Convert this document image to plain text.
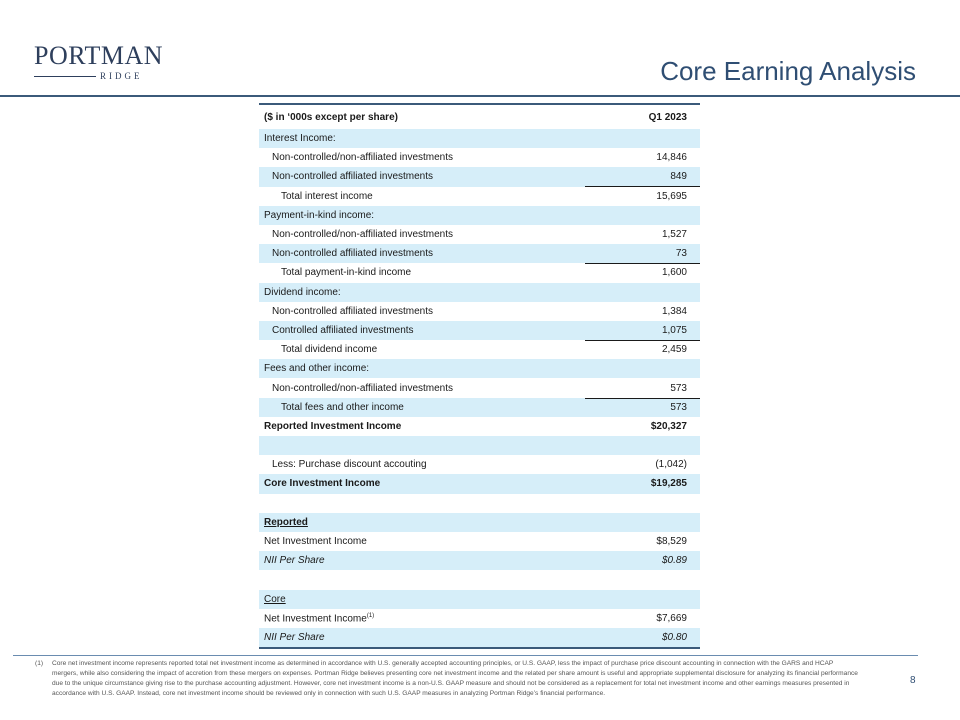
PORTMAN
RIDGE	Core Earning Analysis
($ in ‘000s except per share)	Q1 2023
Interest Income:
Non-controlled/non-affiliated investments	14,846
Non-controlled affiliated investments	849
Total interest income	15,695
Payment-in-kind income:
Non-controlled/non-affiliated investments	1,527
Non-controlled affiliated investments	73
Total payment-in-kind income	1,600
Dividend income:
Non-controlled affiliated investments	1,384
Controlled affiliated investments	1,075
Total dividend income	2,459
Fees and other income:
Non-controlled/non-affiliated investments	573
Total fees and other income	573
Reported Investment Income	$20,327
Less: Purchase discount accouting	(1,042)
Core Investment Income	$19,285
Reported
Net Investment Income	$8,529
NII Per Share	$0.89
Core
Net Investment Income$^{(1)}$	$7,669
NII Per Share	$0.80
(1) Core net investment income represents reported total net investment income as determined in accordance with U.S. generally accepted accounting principles, or U.S. GAAP, less the impact of purchase price discount accounting in connection with the GARS and HCAP mergers, while also considering the impact of accretion from these mergers on expenses. Portman Ridge believes presenting core net investment income and the related per share amount is useful and appropriate supplemental disclosure for analyzing its financial performance due to the unique circumstance giving rise to the purchase accounting adjustment. However, core net investment income is a non-U.S. GAAP measure and should not be considered as a replacement for total net investment income and other earnings measures presented in accordance with U.S. GAAP. Instead, core net investment income should be reviewed only in connection with such U.S. GAAP measures in analyzing Portman Ridge’s financial performance.
8
